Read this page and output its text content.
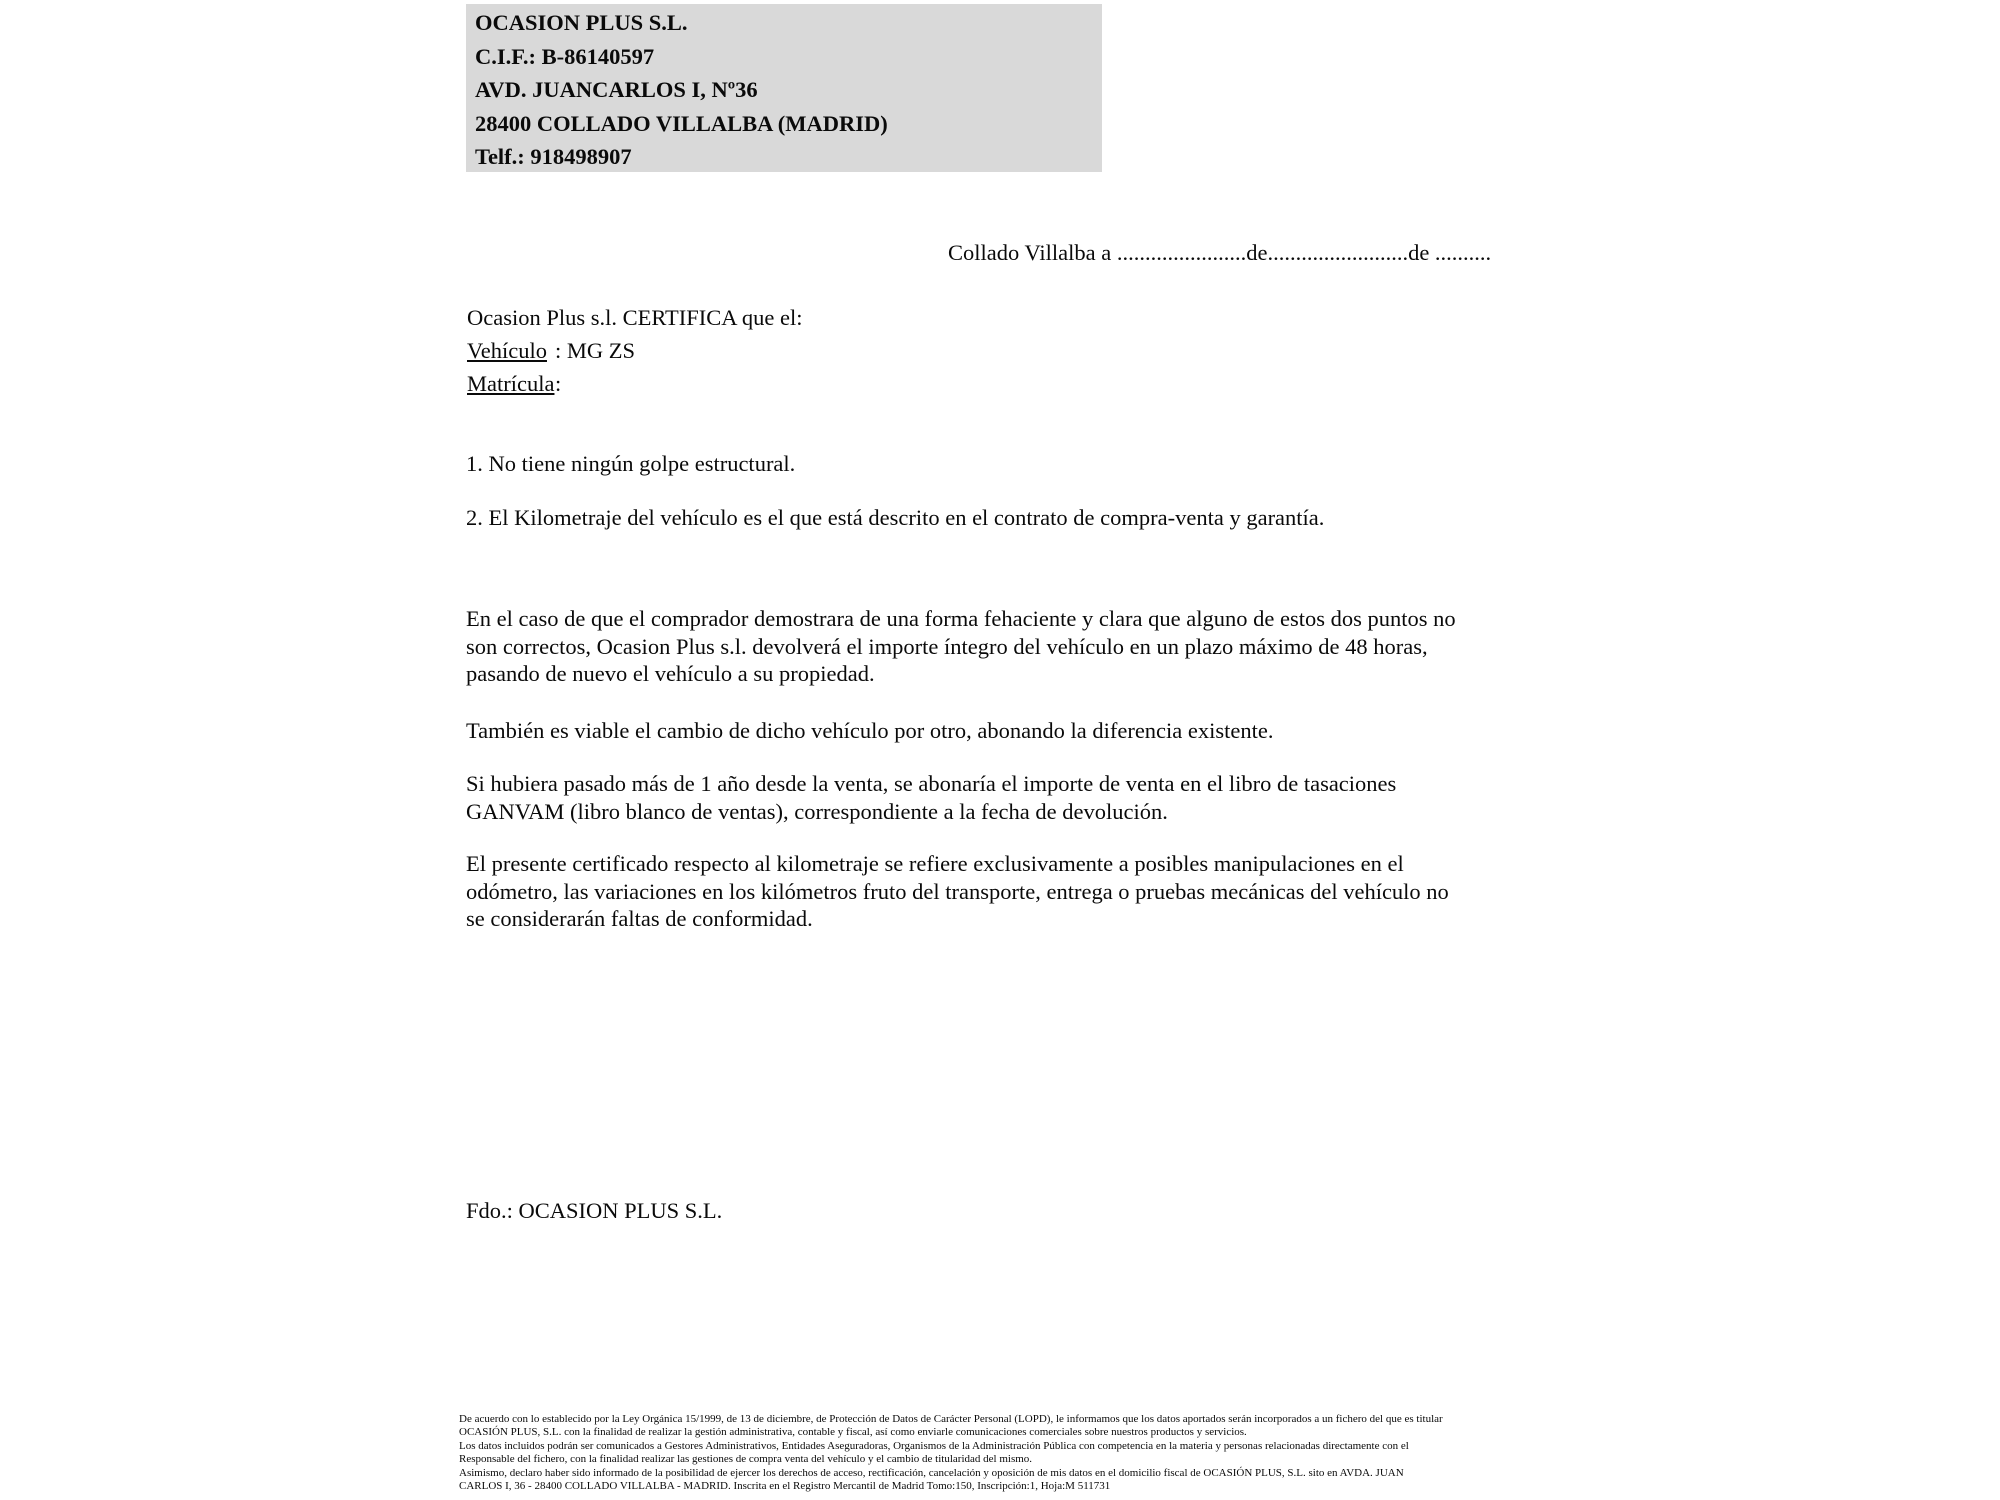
OCASION PLUS S.L.
C.I.F.: B-86140597
AVD. JUANCARLOS I, Nº36
28400 COLLADO VILLALBA (MADRID)
Telf.: 918498907
Collado Villalba a .......................de.........................de ..........
Ocasion Plus s.l. CERTIFICA que el:
Vehículo : MG ZS
Matrícula:
1. No tiene ningún golpe estructural.
2. El Kilometraje del vehículo es el que está descrito en el contrato de compra-venta y garantía.
En el caso de que el comprador demostrara de una forma fehaciente y clara que alguno de estos dos puntos no
son correctos, Ocasion Plus s.l. devolverá el importe íntegro del vehículo en un plazo máximo de 48 horas,
pasando de nuevo el vehículo a su propiedad.
También es viable el cambio de dicho vehículo por otro, abonando la diferencia existente.
Si hubiera pasado más de 1 año desde la venta, se abonaría el importe de venta en el libro de tasaciones
GANVAM (libro blanco de ventas), correspondiente a la fecha de devolución.
El presente certificado respecto al kilometraje se refiere exclusivamente a posibles manipulaciones en el
odómetro, las variaciones en los kilómetros fruto del transporte, entrega o pruebas mecánicas del vehículo no
se considerarán faltas de conformidad.
Fdo.: OCASION PLUS S.L.
De acuerdo con lo establecido por la Ley Orgánica 15/1999, de 13 de diciembre, de Protección de Datos de Carácter Personal (LOPD), le informamos que los datos aportados serán incorporados a un fichero del que es titular
OCASIÓN PLUS, S.L. con la finalidad de realizar la gestión administrativa, contable y fiscal, así como enviarle comunicaciones comerciales sobre nuestros productos y servicios.
Los datos incluidos podrán ser comunicados a Gestores Administrativos, Entidades Aseguradoras, Organismos de la Administración Pública con competencia en la materia y personas relacionadas directamente con el
Responsable del fichero, con la finalidad realizar las gestiones de compra venta del vehículo y el cambio de titularidad del mismo.
Asimismo, declaro haber sido informado de la posibilidad de ejercer los derechos de acceso, rectificación, cancelación y oposición de mis datos en el domicilio fiscal de OCASIÓN PLUS, S.L. sito en AVDA. JUAN
CARLOS I, 36 - 28400 COLLADO VILLALBA - MADRID. Inscrita en el Registro Mercantil de Madrid Tomo:150, Inscripción:1, Hoja:M 511731
